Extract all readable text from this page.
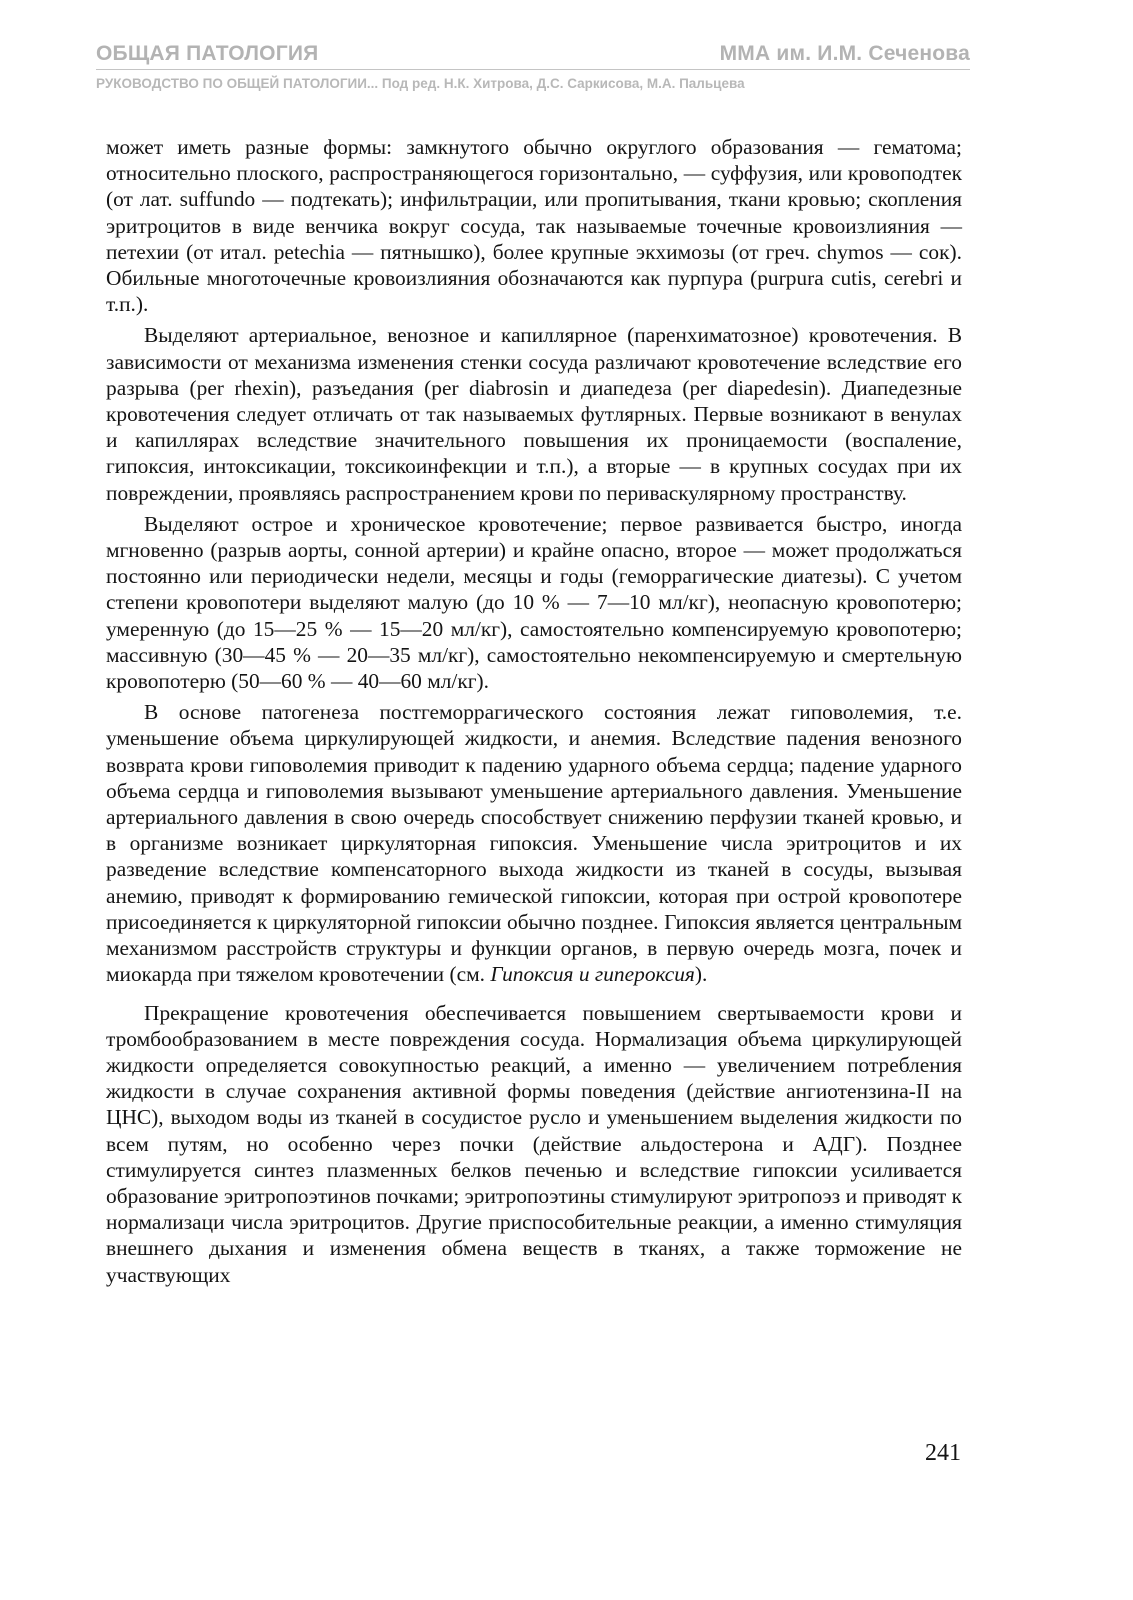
ОБЩАЯ ПАТОЛОГИЯ	ММА им. И.М. Сеченова
РУКОВОДСТВО ПО ОБЩЕЙ ПАТОЛОГИИ... Под ред. Н.К. Хитрова, Д.С. Саркисова, М.А. Пальцева

может иметь разные формы: замкнутого обычно округлого образования — гематома; относительно плоского, распространяющегося горизонтально, — суффузия, или кровоподтек (от лат. suffundo — подтекать); инфильтрации, или пропитывания, ткани кровью; скопления эритроцитов в виде венчика вокруг сосуда, так называемые точечные кровоизлияния — петехии (от итал. petechia — пятнышко), более крупные экхимозы (от греч. chymos — сок). Обильные многоточечные кровоизлияния обозначаются как пурпура (purpura cutis, cerebri и т.п.).

Выделяют артериальное, венозное и капиллярное (паренхиматозное) кровотечения. В зависимости от механизма изменения стенки сосуда различают кровотечение вследствие его разрыва (per rhexin), разъедания (per diabrosin и диапедеза (per diapedesin). Диапедезные кровотечения следует отличать от так называемых футлярных. Первые возникают в венулах и капиллярах вследствие значительного повышения их проницаемости (воспаление, гипоксия, интоксикации, токсикоинфекции и т.п.), а вторые — в крупных сосудах при их повреждении, проявляясь распространением крови по периваскулярному пространству.

Выделяют острое и хроническое кровотечение; первое развивается быстро, иногда мгновенно (разрыв аорты, сонной артерии) и крайне опасно, второе — может продолжаться постоянно или периодически недели, месяцы и годы (геморрагические диатезы). С учетом степени кровопотери выделяют малую (до 10 % — 7—10 мл/кг), неопасную кровопотерю; умеренную (до 15—25 % — 15—20 мл/кг), самостоятельно компенсируемую кровопотерю; массивную (30—45 % — 20—35 мл/кг), самостоятельно некомпенсируемую и смертельную кровопотерю (50—60 % — 40—60 мл/кг).

В основе патогенеза постгеморрагического состояния лежат гиповолемия, т.е. уменьшение объема циркулирующей жидкости, и анемия. Вследствие падения венозного возврата крови гиповолемия приводит к падению ударного объема сердца; падение ударного объема сердца и гиповолемия вызывают уменьшение артериального давления. Уменьшение артериального давления в свою очередь способствует снижению перфузии тканей кровью, и в организме возникает циркуляторная гипоксия. Уменьшение числа эритроцитов и их разведение вследствие компенсаторного выхода жидкости из тканей в сосуды, вызывая анемию, приводят к формированию гемической гипоксии, которая при острой кровопотере присоединяется к циркуляторной гипоксии обычно позднее. Гипоксия является центральным механизмом расстройств структуры и функции органов, в первую очередь мозга, почек и миокарда при тяжелом кровотечении (см. Гипоксия и гипероксия).

Прекращение кровотечения обеспечивается повышением свертываемости крови и тромбообразованием в месте повреждения сосуда. Нормализация объема циркулирующей жидкости определяется совокупностью реакций, а именно — увеличением потребления жидкости в случае сохранения активной формы поведения (действие ангиотензина-II на ЦНС), выходом воды из тканей в сосудистое русло и уменьшением выделения жидкости по всем путям, но особенно через почки (действие альдостерона и АДГ). Позднее стимулируется синтез плазменных белков печенью и вследствие гипоксии усиливается образование эритропоэтинов почками; эритропоэтины стимулируют эритропоэз и приводят к нормализаци числа эритроцитов. Другие приспособительные реакции, а именно стимуляция внешнего дыхания и изменения обмена веществ в тканях, а также торможение не участвующих

241
